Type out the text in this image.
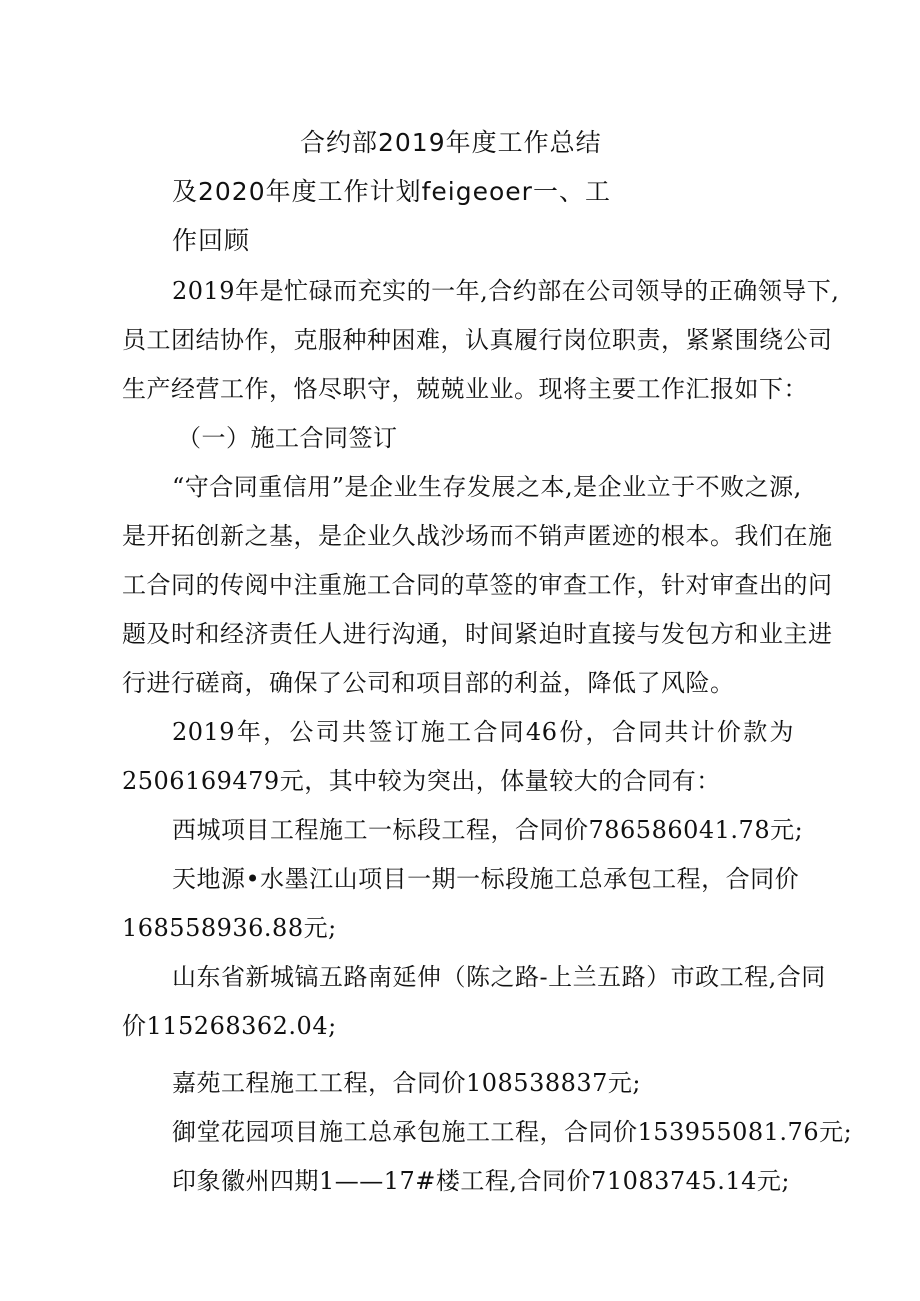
合约部2019年度工作总结
及2020年度工作计划feigeoer一、工
作回顾
2019年是忙碌而充实的一年,合约部在公司领导的正确领导下,
员工团结协作，克服种种困难，认真履行岗位职责，紧紧围绕公司
生产经营工作，恪尽职守，兢兢业业。现将主要工作汇报如下：
（一）施工合同签订
“守合同重信用”是企业生存发展之本,是企业立于不败之源,
是开拓创新之基，是企业久战沙场而不销声匿迹的根本。我们在施
工合同的传阅中注重施工合同的草签的审查工作，针对审查出的问
题及时和经济责任人进行沟通，时间紧迫时直接与发包方和业主进
行进行磋商，确保了公司和项目部的利益，降低了风险。
2019年，公司共签订施工合同46份，合同共计价款为
2506169479元，其中较为突出，体量较大的合同有：
西城项目工程施工一标段工程，合同价786586041.78元;
天地源•水墨江山项目一期一标段施工总承包工程，合同价
168558936.88元;
山东省新城镐五路南延伸（陈之路-上兰五路）市政工程,合同
价115268362.04;
嘉苑工程施工工程，合同价108538837元;
御堂花园项目施工总承包施工工程，合同价153955081.76元;
印象徽州四期1——17#楼工程,合同价71083745.14元;
